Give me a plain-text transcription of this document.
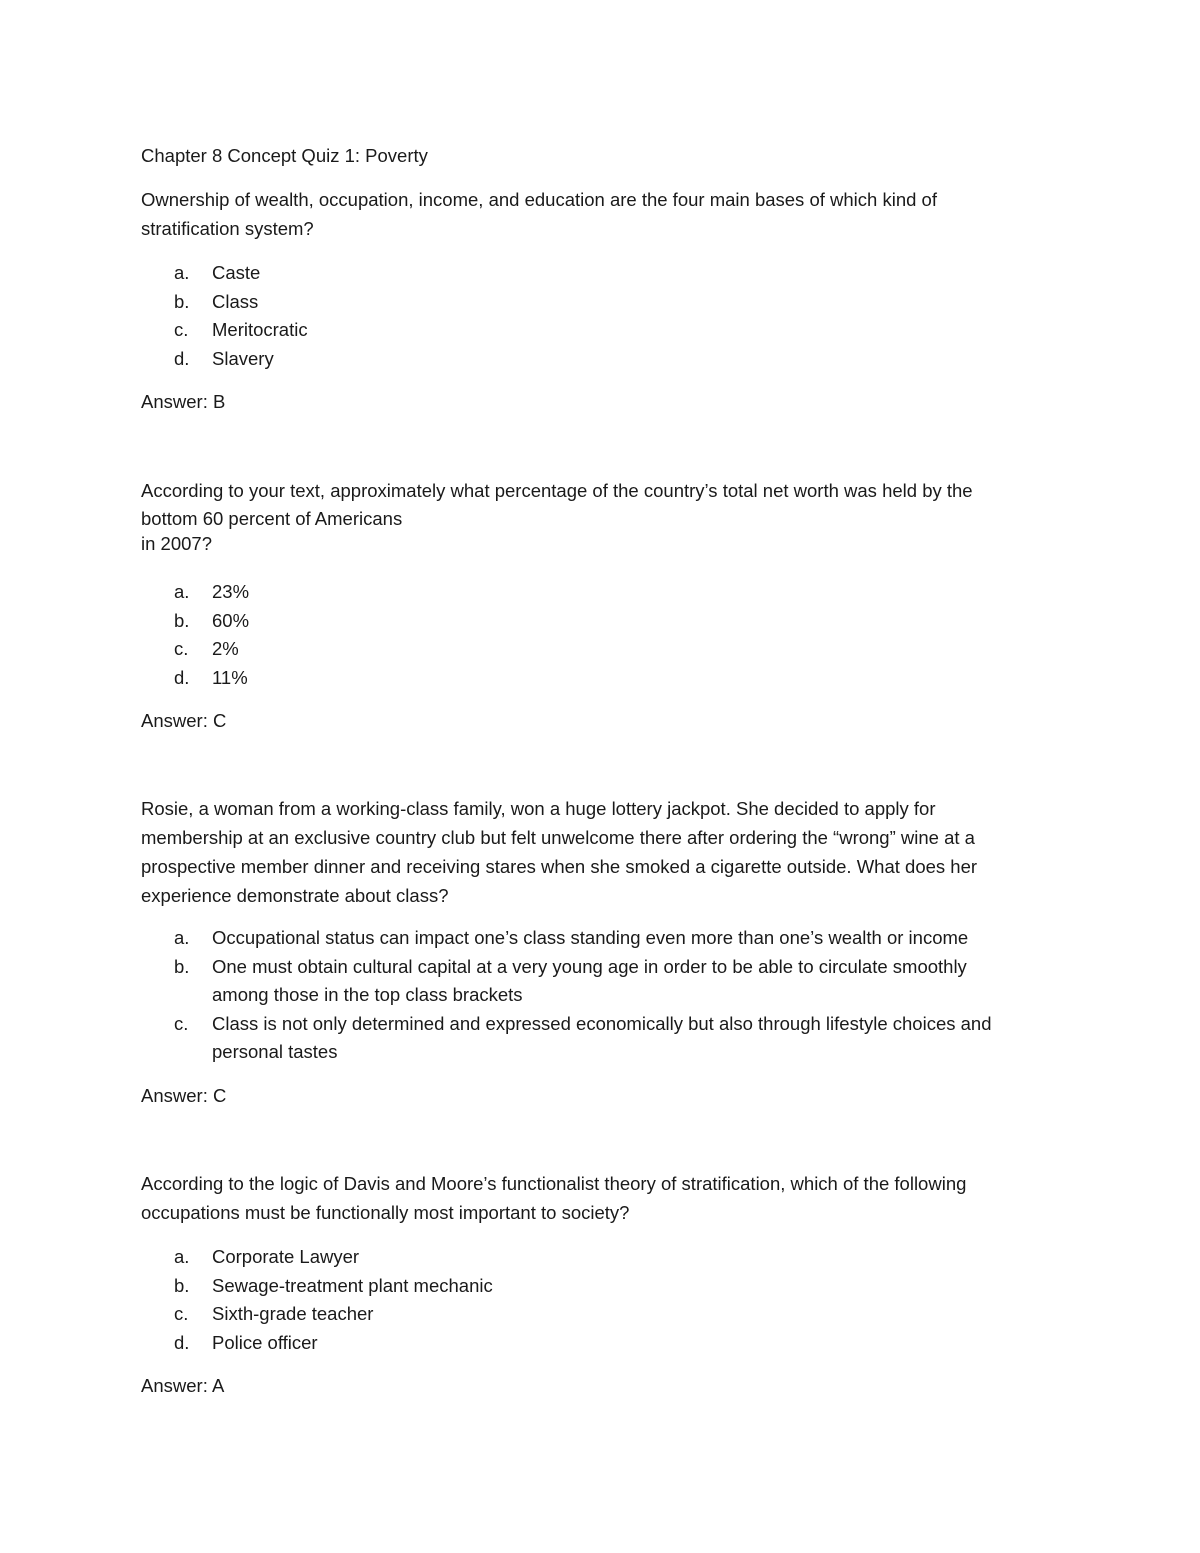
Chapter 8 Concept Quiz 1: Poverty
Ownership of wealth, occupation, income, and education are the four main bases of which kind of
stratification system?
a. Caste
b. Class
c. Meritocratic
d. Slavery

Answer: B

According to your text, approximately what percentage of the country’s total net worth was held by the
bottom 60 percent of Americans
in 2007?
a. 23%
b. 60%
c. 2%
d. 11%

Answer: C

Rosie, a woman from a working-class family, won a huge lottery jackpot. She decided to apply for
membership at an exclusive country club but felt unwelcome there after ordering the “wrong” wine at a
prospective member dinner and receiving stares when she smoked a cigarette outside. What does her
experience demonstrate about class?
a. Occupational status can impact one’s class standing even more than one’s wealth or income
b. One must obtain cultural capital at a very young age in order to be able to circulate smoothly
among those in the top class brackets
c. Class is not only determined and expressed economically but also through lifestyle choices and
personal tastes

Answer: C

According to the logic of Davis and Moore’s functionalist theory of stratification, which of the following
occupations must be functionally most important to society?
a. Corporate Lawyer
b. Sewage-treatment plant mechanic
c. Sixth-grade teacher
d. Police officer

Answer: A
